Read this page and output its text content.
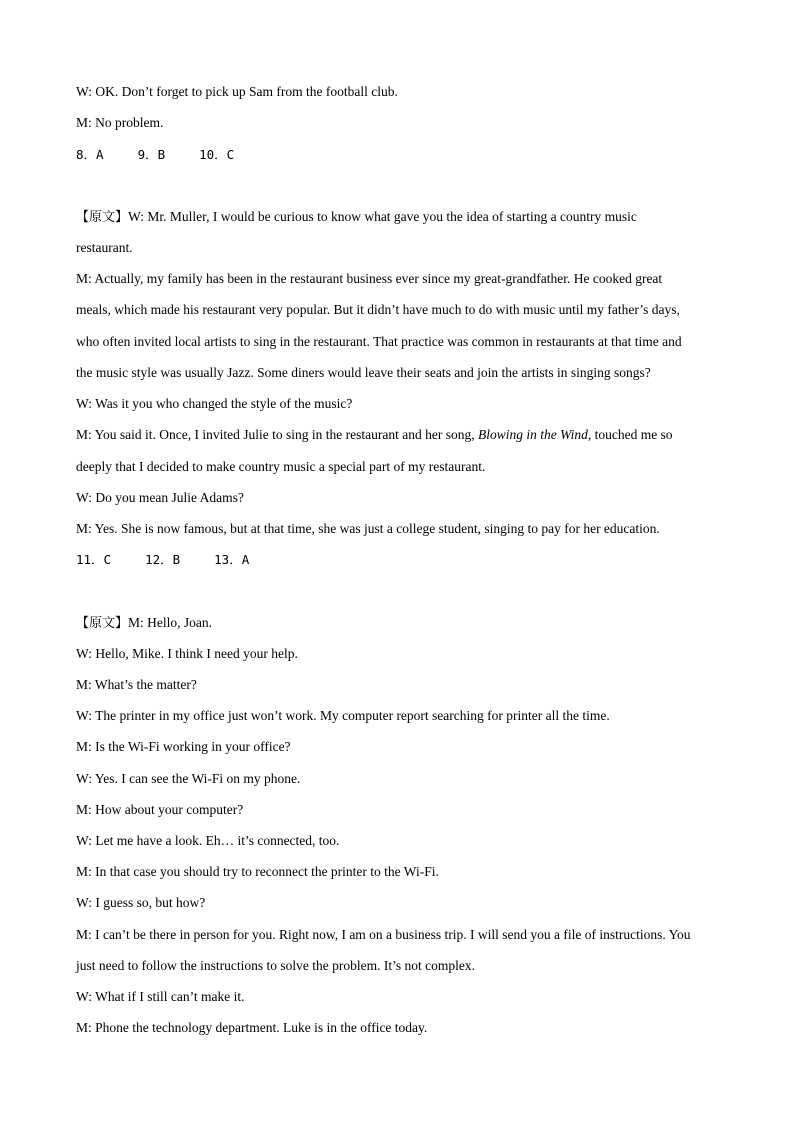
W: OK. Don’t forget to pick up Sam from the football club.
M: No problem.
8．A	9．B	10．C
【原文】W: Mr. Muller, I would be curious to know what gave you the idea of starting a country music
restaurant.
M: Actually, my family has been in the restaurant business ever since my great-grandfather. He cooked great
meals, which made his restaurant very popular. But it didn’t have much to do with music until my father’s days,
who often invited local artists to sing in the restaurant. That practice was common in restaurants at that time and
the music style was usually Jazz. Some diners would leave their seats and join the artists in singing songs?
W: Was it you who changed the style of the music?
M: You said it. Once, I invited Julie to sing in the restaurant and her song, Blowing in the Wind, touched me so
deeply that I decided to make country music a special part of my restaurant.
W: Do you mean Julie Adams?
M: Yes. She is now famous, but at that time, she was just a college student, singing to pay for her education.
11．C	12．B	13．A
【原文】M: Hello, Joan.
W: Hello, Mike. I think I need your help.
M: What’s the matter?
W: The printer in my office just won’t work. My computer report searching for printer all the time.
M: Is the Wi-Fi working in your office?
W: Yes. I can see the Wi-Fi on my phone.
M: How about your computer?
W: Let me have a look. Eh… it’s connected, too.
M: In that case you should try to reconnect the printer to the Wi-Fi.
W: I guess so, but how?
M: I can’t be there in person for you. Right now, I am on a business trip. I will send you a file of instructions. You
just need to follow the instructions to solve the problem. It’s not complex.
W: What if I still can’t make it.
M: Phone the technology department. Luke is in the office today.
